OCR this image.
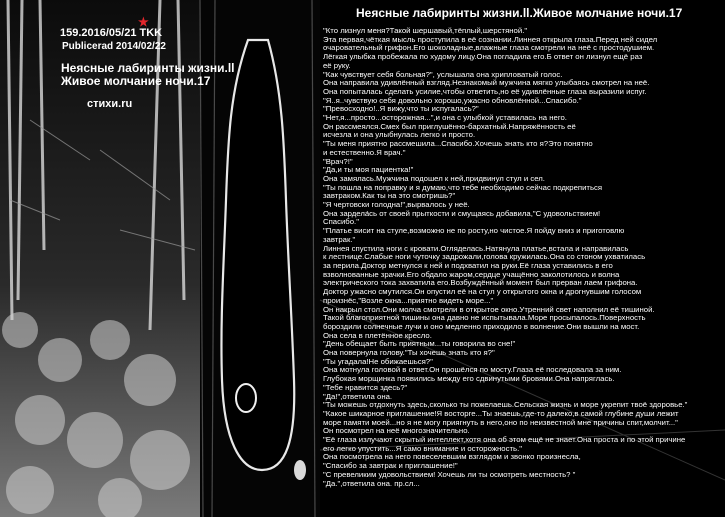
159.2016/05/21 TKK
★
Publicerad 2014/02/22
Неясные лабиринты жизни.ll
Живое молчание ночи.17
стихи.ru
Неясные лабиринты жизни.ll.Живое молчание ночи.17
"Кто лизнул меня?Такой шершавый,тёплый,шерстяной."
Эта первая,чёткая мысль проступила в её сознании.Линнея открыла глаза.Перед ней сидел
очаровательный грифон.Его шоколадные,влажные глаза смотрели на неё с простодушием.
Лёгкая улыбка пробежала по худому лицу.Она погладила его.Б ответ он лизнул ещё раз
её руку.
"Как чувствует себя больная?", услышала она хрипловатый голос.
Она направила удивлённый взгляд.Незнакомый мужчина мягко улыбаясь смотрел на неё.
Она попыталась сделать усилие,чтобы ответить,но её удивлённые глаза выразили испуг.
"Я..я..чувствую себя довольно хорошо,ужасно обновлённой...Спасибо."
"Превосходно!..Я вижу,что ты испугалась?"
"Нет,я...просто...осторожная...",и она с улыбкой уставилась на него.
Он рассмеялся.Смех был приглушённо-бархатный.Напряжённость её
исчезла и она улыбнулась легко и просто.
"Ты меня приятно рассмешила...Спасибо.Хочешь знать кто я?Это понятно
и естественно.Я врач."
"Врач?!"
"Да,и ты моя пациентка!"
Она замялась.Мужчина подошел к ней,придвинул стул и сел.
"Ты пошла на поправку и я думаю,что тебе необходимо сейчас подкрепиться
завтраком.Как ты на это смотришь?"
"Я чертовски голодна!",вырвалось у неё.
Она зардела́сь от своей прыткости и смущаясь добавила,"С удовольствием!
Спасибо."
"Платье висит на стуле,возможно не по росту,но чистое.Я пойду вниз и приготовлю
завтрак."
Линнея спустила ноги с кровати.Огляделась.Натянула платье,встала и направилась
к лестнице.Слабые ноги чуточку задрожали,голова кружилась.Она со стоном ухватилась
за перила.Доктор метнулся к ней и подхватил на руки.Её глаза уставились в его
взволнованные зрачки.Его обдало жаром,сердце учащённо заколотилось и волна
электрического тока захватила его.Возбуждённый момент был прерван лаем грифона.
Доктор ужасно смутился.Он опустил её на стул у открытого окна и дрогнувшим голосом
произнёс,"Возле окна...приятно видеть море..."
Он накрыл стол.Они молча смотрели в открытое окно.Утренний свет наполнил её тишиной.
Такой благоприятной тишины она давно не испытывала.Море просыпалось.Поверхность
бороздили солнечные лучи и оно медленно приходило в волнение.Они вышли на мост.
Она села в плетённое кресло.
"День обещает быть приятным...ты говорила во сне!"
Она повернула голову."Ты хочешь знать кто я?"
"Ты угадала!Не обижаешься?"
Она мотнула головой в ответ.Он прошёлся по мосту.Глаза её последовала за ним.
Глубокая морщинка появились между его сдвинутыми бровями.Она напряглась.
"Тебе нравится здесь?"
"Да!",ответила она.
"Ты можешь отдохнуть здесь,сколько ты пожелаешь.Сельская жизнь и море укрепит твоё здоровье."
"Какое шикарное приглашение!Я восторге...Ты знаешь,где-то далеко,в самой глубине души лежит
море памяти моей...но я не могу приягнуть в него,оно по неизвестной мне причины спит,молчит..."
Он посмотрел на неё многозначительно.
"Её глаза излучают скрытый интеллект,хотя она об этом ещё не знает.Она проста и по этой причине
его легко упустить...Я само внимание и осторожность."
Она посмотрела на него повеселевшим взглядом и звонко произнесла,
"Спасибо за завтрак и приглашение!"
"С превеликим удовольствием! Хочешь ли ты осмотреть местность? "
"Да.",ответила она. пр.сл...
